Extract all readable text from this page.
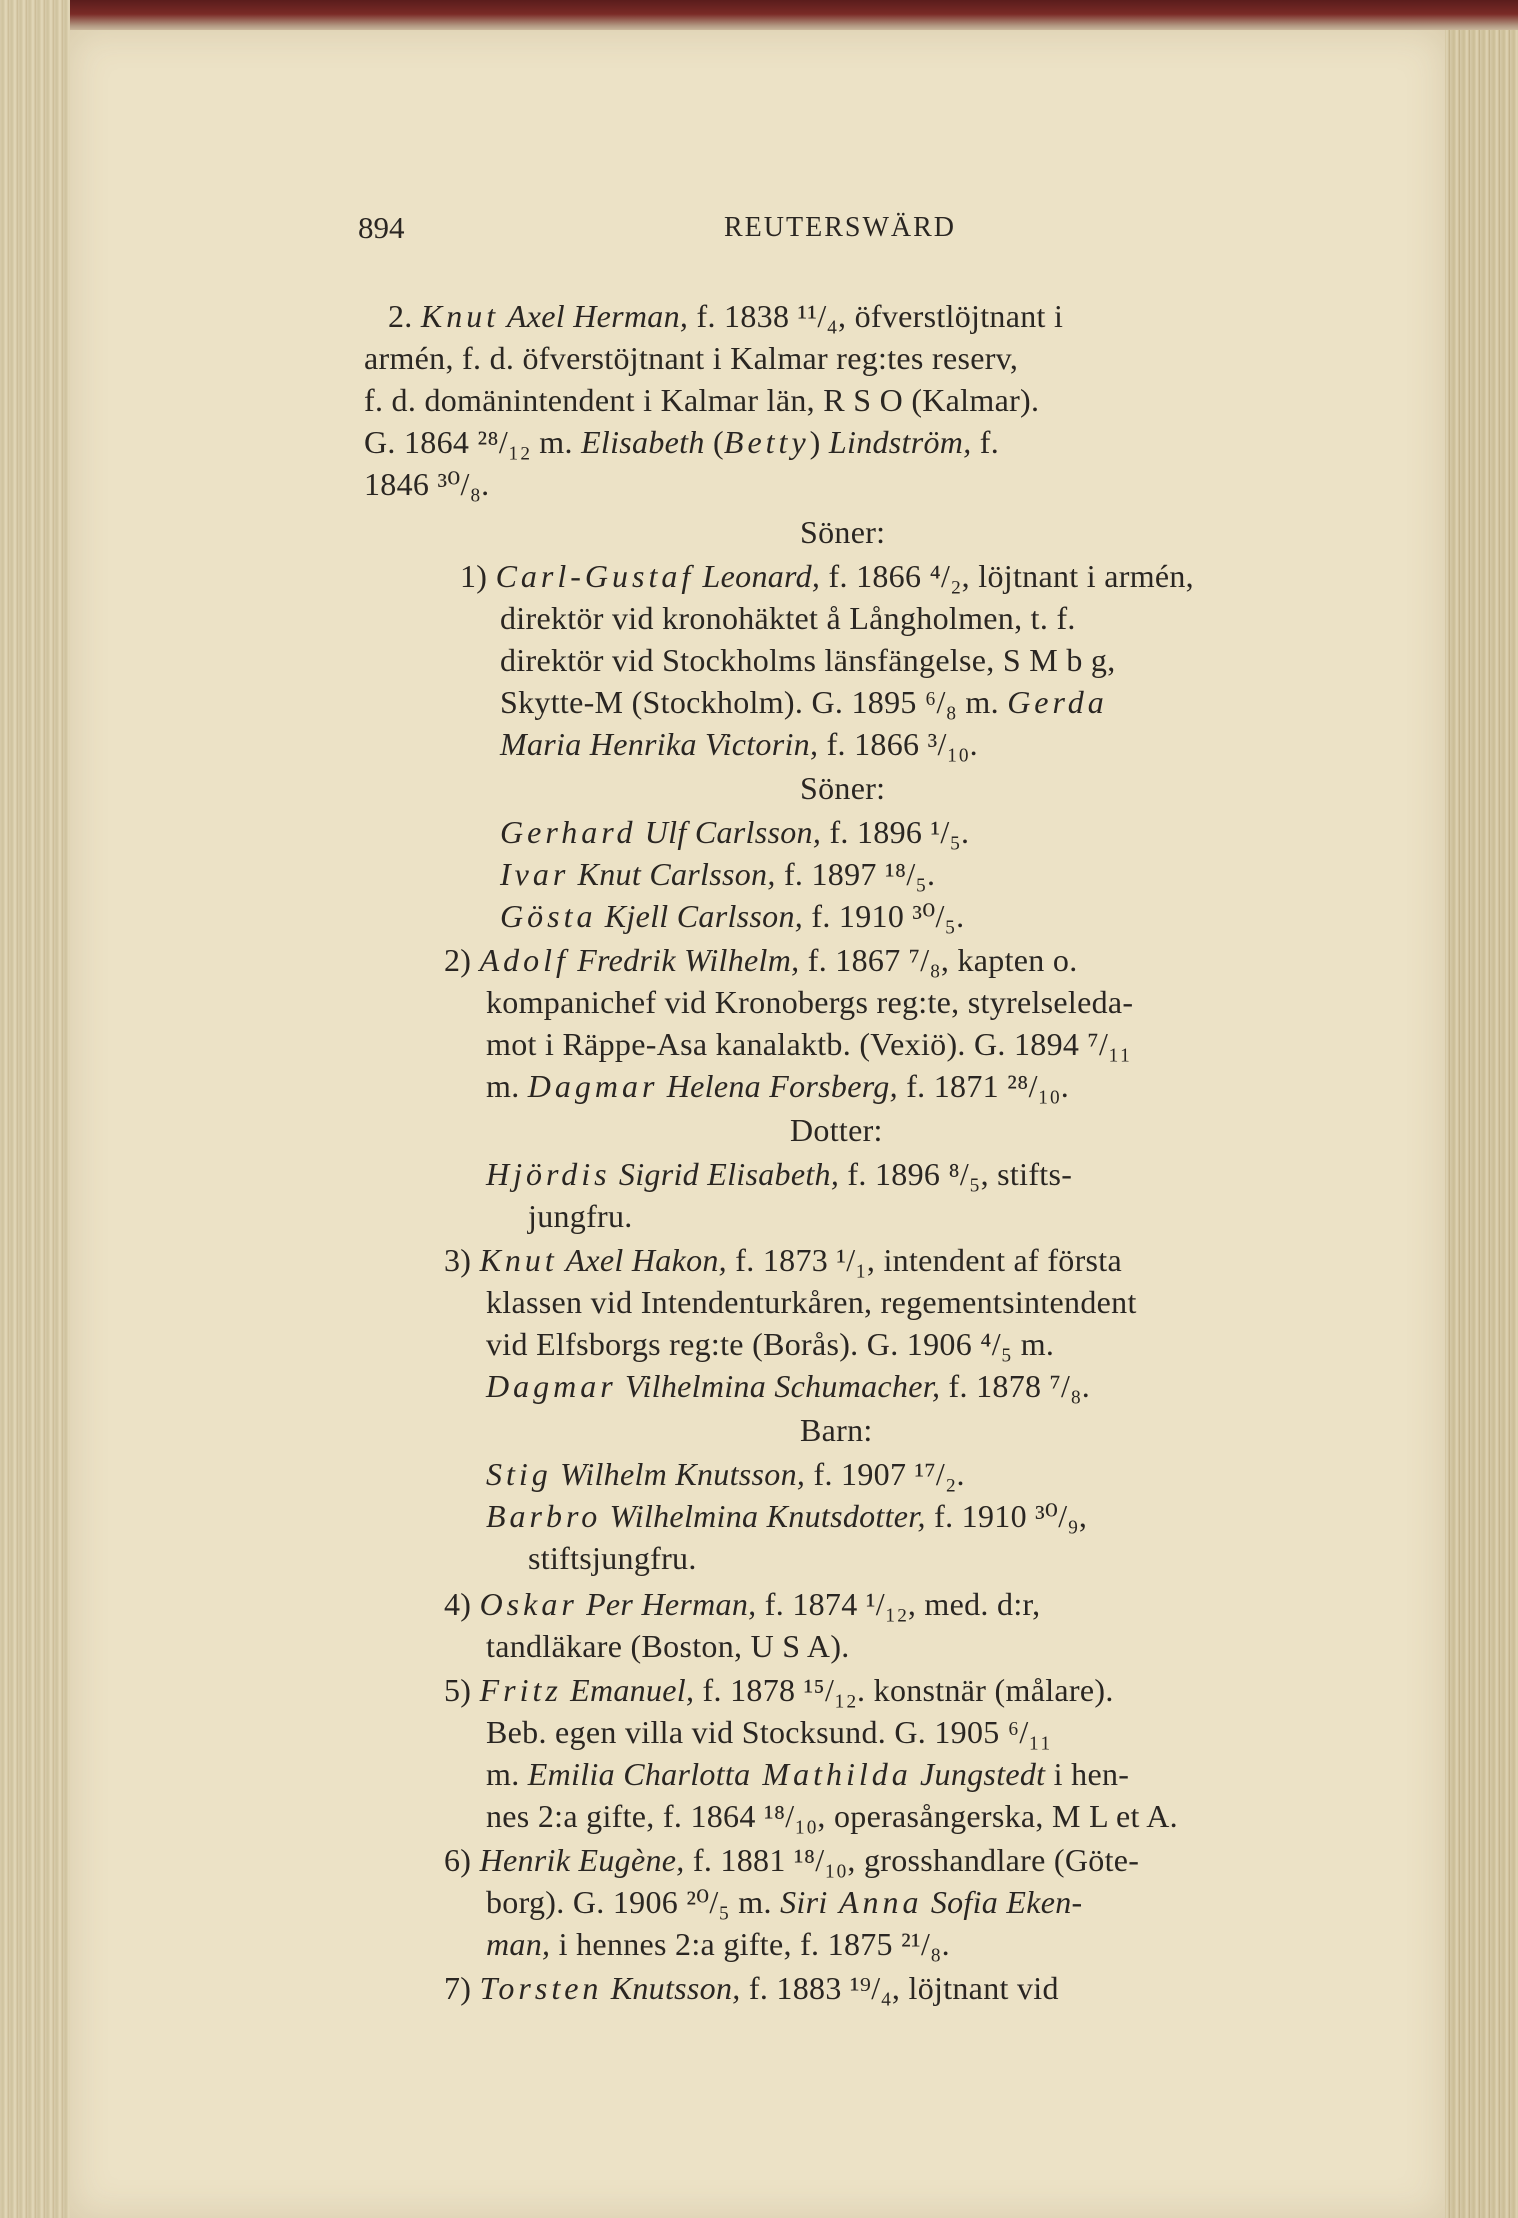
894	REUTERSWÄRD
2. Knut Axel Herman, f. 1838 ¹¹/₄, öfverstlöjtnant i
armén, f. d. öfverstöjtnant i Kalmar reg:tes reserv,
f. d. domänintendent i Kalmar län, R S O (Kalmar).
G. 1864 ²⁸/₁₂ m. Elisabeth (Betty) Lindström, f.
1846 ³⁰/₈.
Söner:
1) Carl-Gustaf Leonard, f. 1866 ⁴/₂, löjtnant i armén,
direktör vid kronohäktet å Långholmen, t. f.
direktör vid Stockholms länsfängelse, S M b g,
Skytte-M (Stockholm). G. 1895 ⁶/₈ m. Gerda
Maria Henrika Victorin, f. 1866 ³/₁₀.
Söner:
Gerhard Ulf Carlsson, f. 1896 ¹/₅.
Ivar Knut Carlsson, f. 1897 ¹⁸/₅.
Gösta Kjell Carlsson, f. 1910 ³⁰/₅.
2) Adolf Fredrik Wilhelm, f. 1867 ⁷/₈, kapten o.
kompanichef vid Kronobergs reg:te, styrelseleda-
mot i Räppe-Asa kanalaktb. (Vexiö). G. 1894 ⁷/₁₁
m. Dagmar Helena Forsberg, f. 1871 ²⁸/₁₀.
Dotter:
Hjördis Sigrid Elisabeth, f. 1896 ⁸/₅, stifts-
jungfru.
3) Knut Axel Hakon, f. 1873 ¹/₁, intendent af första
klassen vid Intendenturkåren, regementsintendent
vid Elfsborgs reg:te (Borås). G. 1906 ⁴/₅ m.
Dagmar Vilhelmina Schumacher, f. 1878 ⁷/₈.
Barn:
Stig Wilhelm Knutsson, f. 1907 ¹⁷/₂.
Barbro Wilhelmina Knutsdotter, f. 1910 ³⁰/₉,
stiftsjungfru.
4) Oskar Per Herman, f. 1874 ¹/₁₂, med. d:r,
tandläkare (Boston, U S A).
5) Fritz Emanuel, f. 1878 ¹⁵/₁₂. konstnär (målare).
Beb. egen villa vid Stocksund. G. 1905 ⁶/₁₁
m. Emilia Charlotta Mathilda Jungstedt i hen-
nes 2:a gifte, f. 1864 ¹⁸/₁₀, operasångerska, M L et A.
6) Henrik Eugène, f. 1881 ¹⁸/₁₀, grosshandlare (Göte-
borg). G. 1906 ²⁰/₅ m. Siri Anna Sofia Eken-
man, i hennes 2:a gifte, f. 1875 ²¹/₈.
7) Torsten Knutsson, f. 1883 ¹⁹/₄, löjtnant vid
